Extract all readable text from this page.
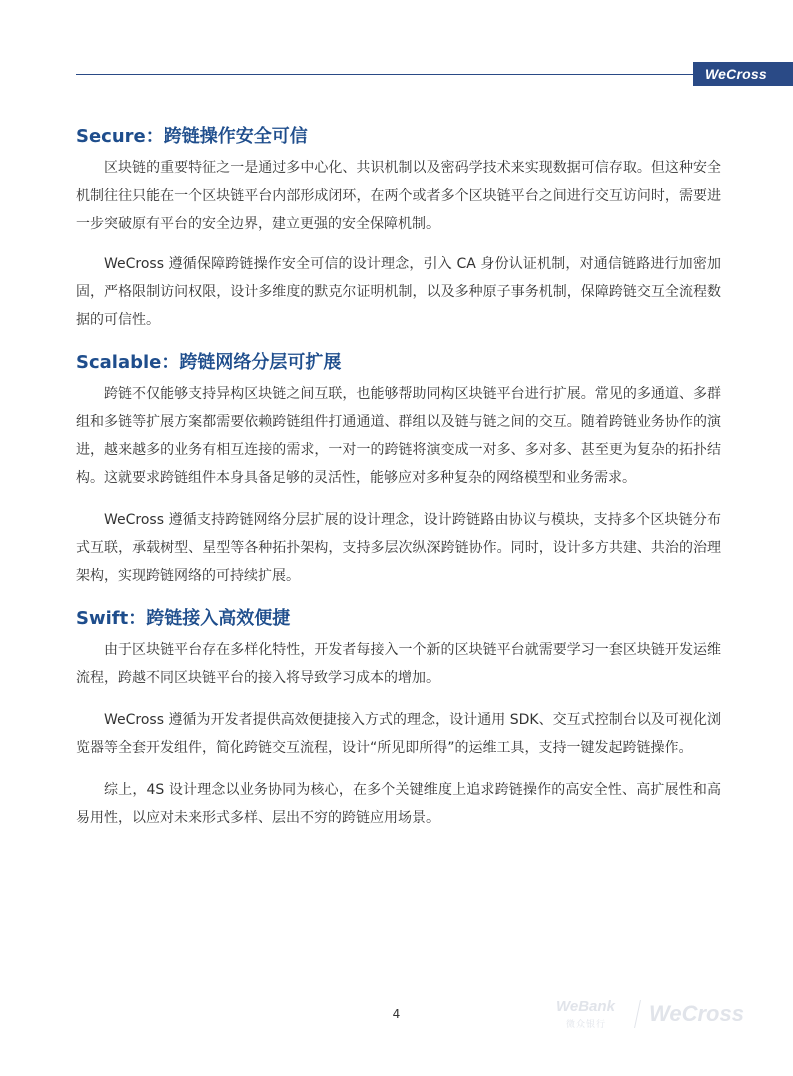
WeCross
Secure：跨链操作安全可信

区块链的重要特征之一是通过多中心化、共识机制以及密码学技术来实现数据可信存取。但这种安全机制往往只能在一个区块链平台内部形成闭环，在两个或者多个区块链平台之间进行交互访问时，需要进一步突破原有平台的安全边界，建立更强的安全保障机制。

WeCross 遵循保障跨链操作安全可信的设计理念，引入 CA 身份认证机制，对通信链路进行加密加固，严格限制访问权限，设计多维度的默克尔证明机制，以及多种原子事务机制，保障跨链交互全流程数据的可信性。

Scalable：跨链网络分层可扩展

跨链不仅能够支持异构区块链之间互联，也能够帮助同构区块链平台进行扩展。常见的多通道、多群组和多链等扩展方案都需要依赖跨链组件打通通道、群组以及链与链之间的交互。随着跨链业务协作的演进，越来越多的业务有相互连接的需求，一对一的跨链将演变成一对多、多对多、甚至更为复杂的拓扑结构。这就要求跨链组件本身具备足够的灵活性，能够应对多种复杂的网络模型和业务需求。

WeCross 遵循支持跨链网络分层扩展的设计理念，设计跨链路由协议与模块，支持多个区块链分布式互联，承载树型、星型等各种拓扑架构，支持多层次纵深跨链协作。同时，设计多方共建、共治的治理架构，实现跨链网络的可持续扩展。

Swift：跨链接入高效便捷

由于区块链平台存在多样化特性，开发者每接入一个新的区块链平台就需要学习一套区块链开发运维流程，跨越不同区块链平台的接入将导致学习成本的增加。

WeCross 遵循为开发者提供高效便捷接入方式的理念，设计通用 SDK、交互式控制台以及可视化浏览器等全套开发组件，简化跨链交互流程，设计“所见即所得”的运维工具，支持一键发起跨链操作。

综上，4S 设计理念以业务协同为核心，在多个关键维度上追求跨链操作的高安全性、高扩展性和高易用性，以应对未来形式多样、层出不穷的跨链应用场景。

4	WeBank
微众银行 WeCross
